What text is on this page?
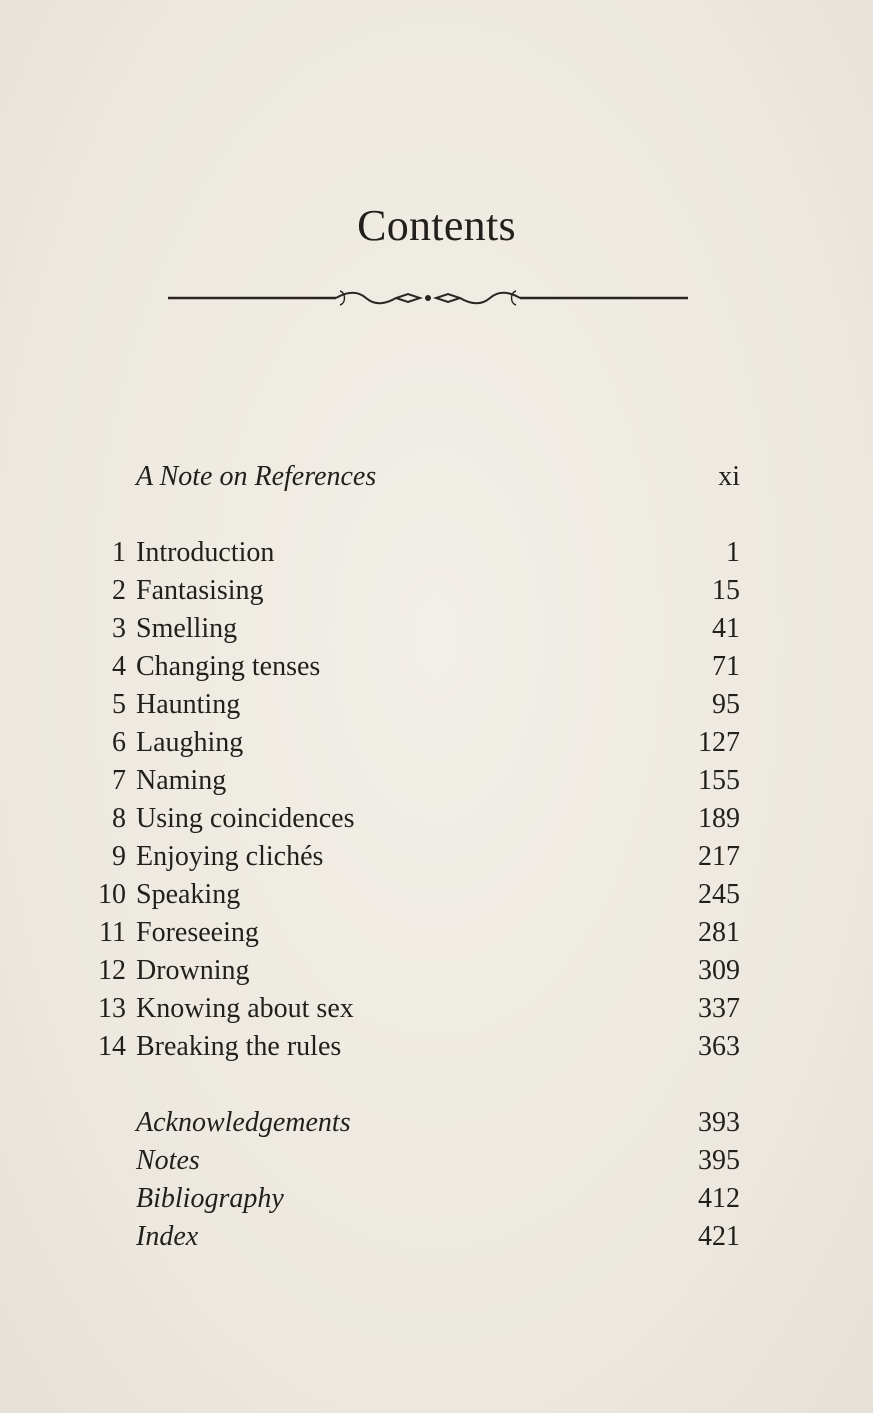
Contents
A Note on References	xi
1 Introduction	1
2 Fantasising	15
3 Smelling	41
4 Changing tenses	71
5 Haunting	95
6 Laughing	127
7 Naming	155
8 Using coincidences	189
9 Enjoying clichés	217
10 Speaking	245
11 Foreseeing	281
12 Drowning	309
13 Knowing about sex	337
14 Breaking the rules	363
Acknowledgements	393
Notes	395
Bibliography	412
Index	421
